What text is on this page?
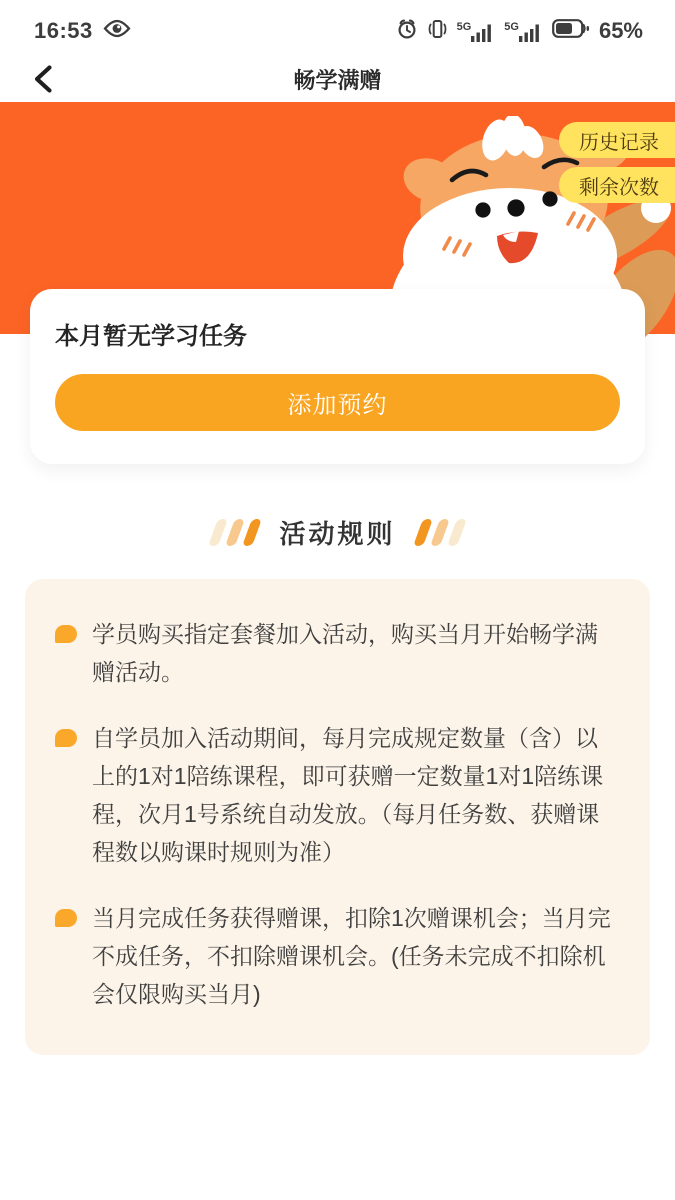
16:53	5G	5G	65%
畅学满赠
历史记录
剩余次数
本月暂无学习任务
添加预约
活动规则
学员购买指定套餐加入活动，购买当月开始畅学满赠活动。
自学员加入活动期间，每月完成规定数量（含）以上的1对1陪练课程，即可获赠一定数量1对1陪练课程，次月1号系统自动发放。（每月任务数、获赠课程数以购课时规则为准）
当月完成任务获得赠课，扣除1次赠课机会；当月完不成任务，不扣除赠课机会。(任务未完成不扣除机会仅限购买当月)
